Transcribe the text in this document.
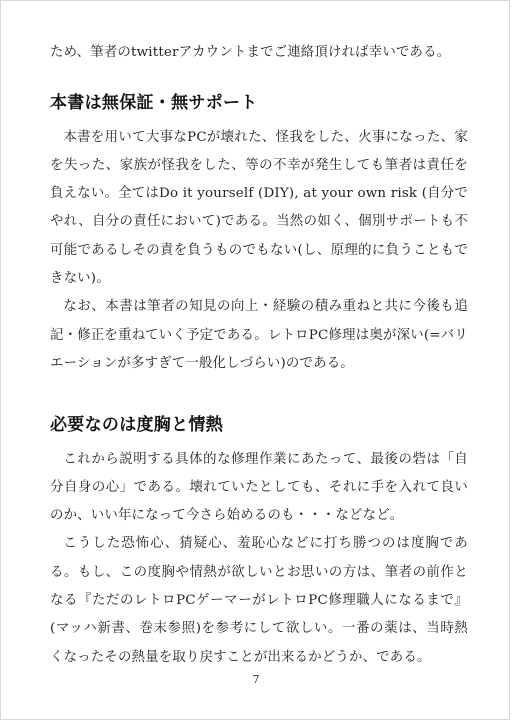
ため、筆者のtwitterアカウントまでご連絡頂ければ幸いである。

本書は無保証・無サポート

本書を用いて大事なPCが壊れた、怪我をした、火事になった、家を失った、家族が怪我をした、等の不幸が発生しても筆者は責任を負えない。全てはDo it yourself (DIY), at your own risk (自分でやれ、自分の責任において)である。当然の如く、個別サポートも不可能であるしその責を負うものでもない(し、原理的に負うこともできない)。

なお、本書は筆者の知見の向上・経験の積み重ねと共に今後も追記・修正を重ねていく予定である。レトロPC修理は奥が深い(=バリエーションが多すぎて一般化しづらい)のである。

必要なのは度胸と情熱

これから説明する具体的な修理作業にあたって、最後の砦は「自分自身の心」である。壊れていたとしても、それに手を入れて良いのか、いい年になって今さら始めるのも・・・などなど。

こうした恐怖心、猜疑心、羞恥心などに打ち勝つのは度胸である。もし、この度胸や情熱が欲しいとお思いの方は、筆者の前作となる『ただのレトロPCゲーマーがレトロPC修理職人になるまで』(マッハ新書、巻末参照)を参考にして欲しい。一番の薬は、当時熱くなったその熱量を取り戻すことが出来るかどうか、である。

7
